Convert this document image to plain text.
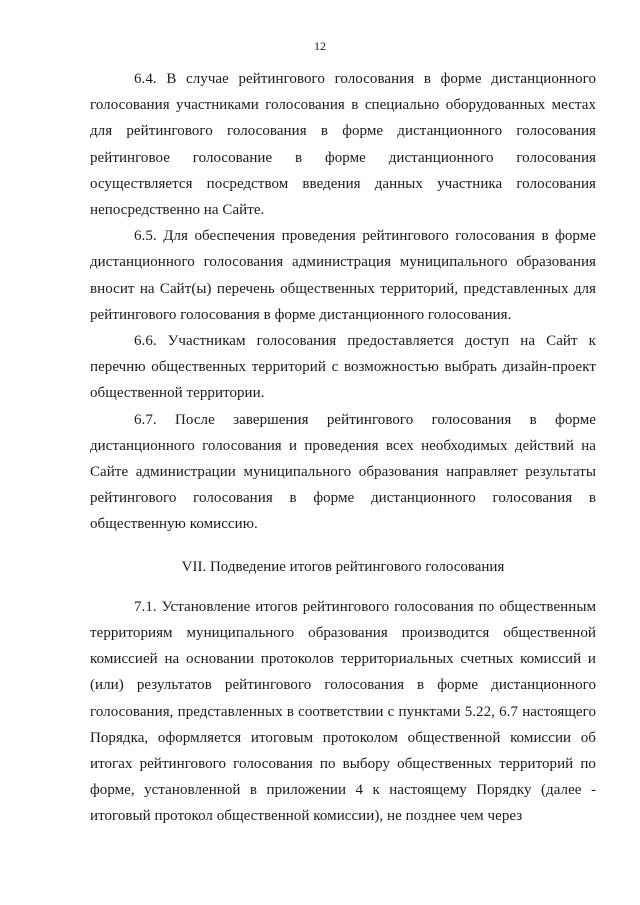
12

6.4. В случае рейтингового голосования в форме дистанционного голосования участниками голосования в специально оборудованных местах для рейтингового голосования в форме дистанционного голосования рейтинговое голосование в форме дистанционного голосования осуществляется посредством введения данных участника голосования непосредственно на Сайте.

6.5. Для обеспечения проведения рейтингового голосования в форме дистанционного голосования администрация муниципального образования вносит на Сайт(ы) перечень общественных территорий, представленных для рейтингового голосования в форме дистанционного голосования.

6.6. Участникам голосования предоставляется доступ на Сайт к перечню общественных территорий с возможностью выбрать дизайн-проект общественной территории.

6.7. После завершения рейтингового голосования в форме дистанционного голосования и проведения всех необходимых действий на Сайте администрации муниципального образования направляет результаты рейтингового голосования в форме дистанционного голосования в общественную комиссию.

VII. Подведение итогов рейтингового голосования

7.1. Установление итогов рейтингового голосования по общественным территориям муниципального образования производится общественной комиссией на основании протоколов территориальных счетных комиссий и (или) результатов рейтингового голосования в форме дистанционного голосования, представленных в соответствии с пунктами 5.22, 6.7 настоящего Порядка, оформляется итоговым протоколом общественной комиссии об итогах рейтингового голосования по выбору общественных территорий по форме, установленной в приложении 4 к настоящему Порядку (далее - итоговый протокол общественной комиссии), не позднее чем через
